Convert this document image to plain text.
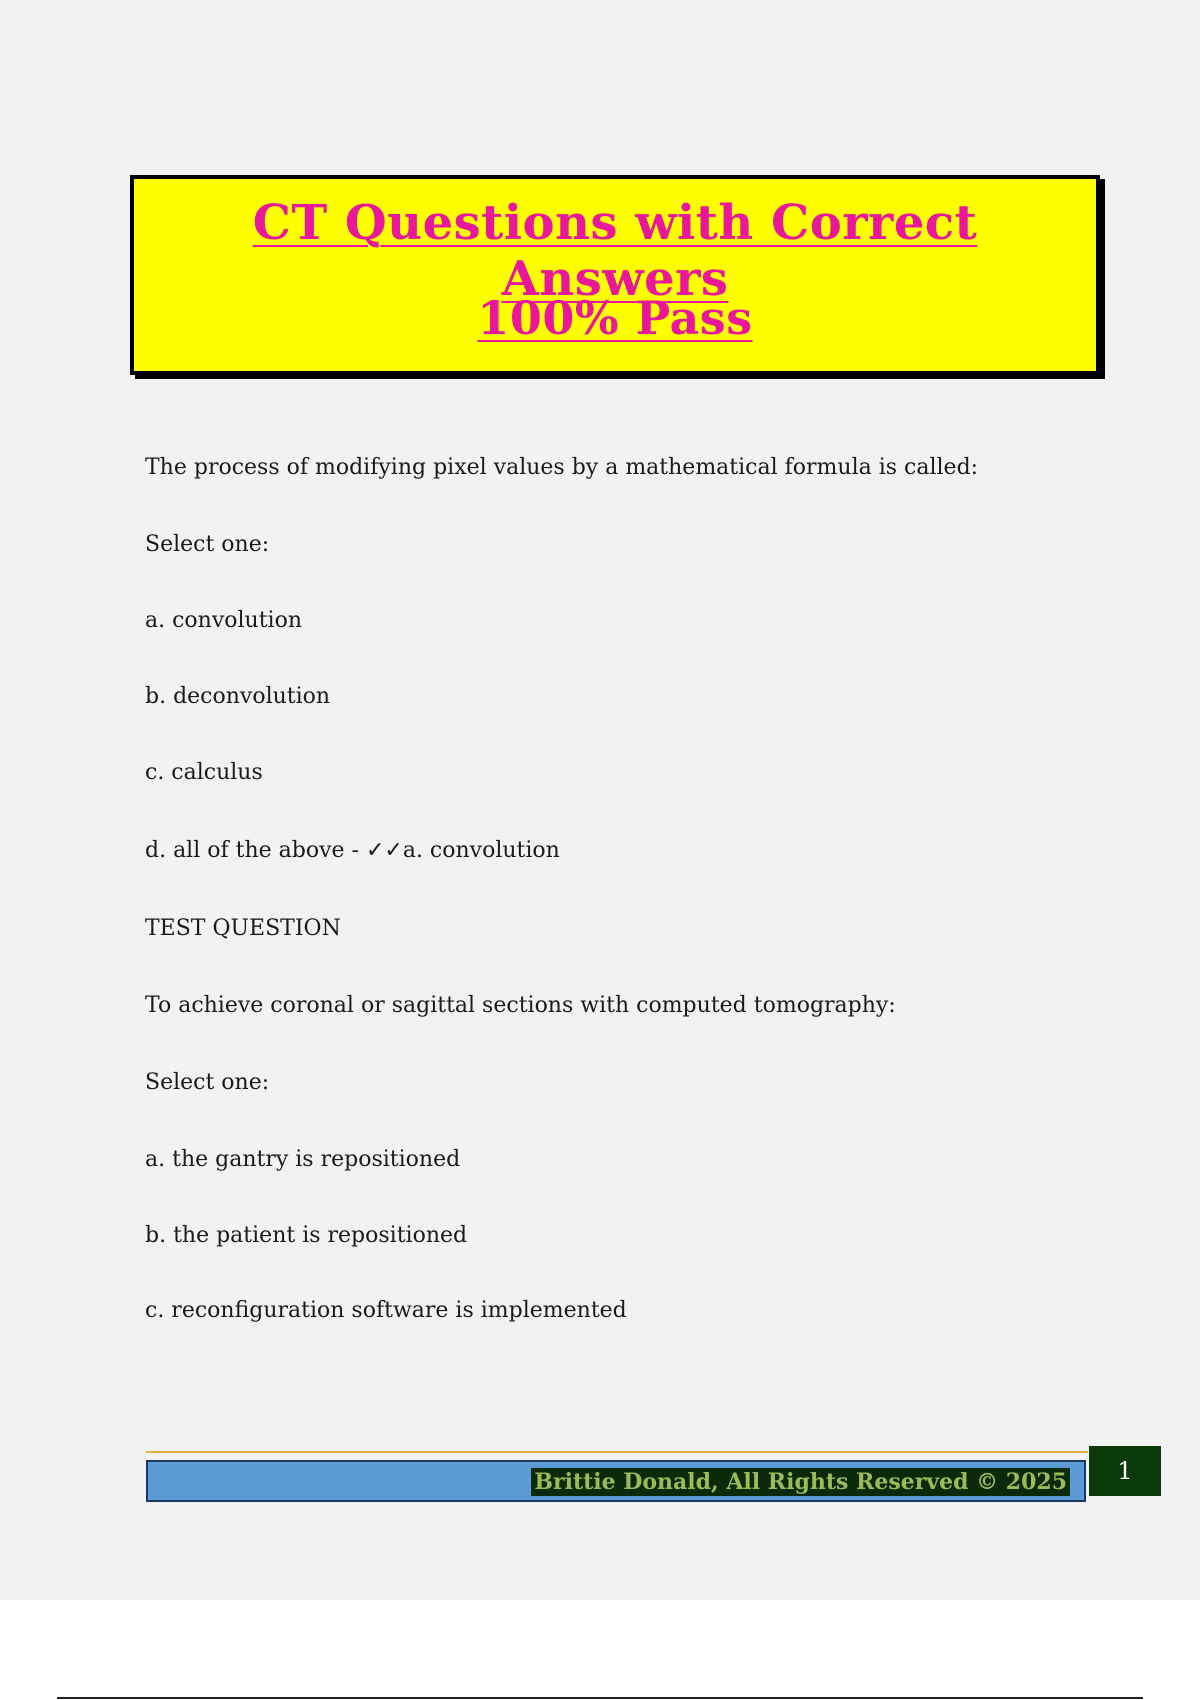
CT Questions with Correct Answers
100% Pass
The process of modifying pixel values by a mathematical formula is called:
Select one:
a. convolution
b. deconvolution
c. calculus
d. all of the above - ✓✓a. convolution
TEST QUESTION
To achieve coronal or sagittal sections with computed tomography:
Select one:
a. the gantry is repositioned
b. the patient is repositioned
c. reconfiguration software is implemented
Brittie Donald, All Rights Reserved © 2025	1
